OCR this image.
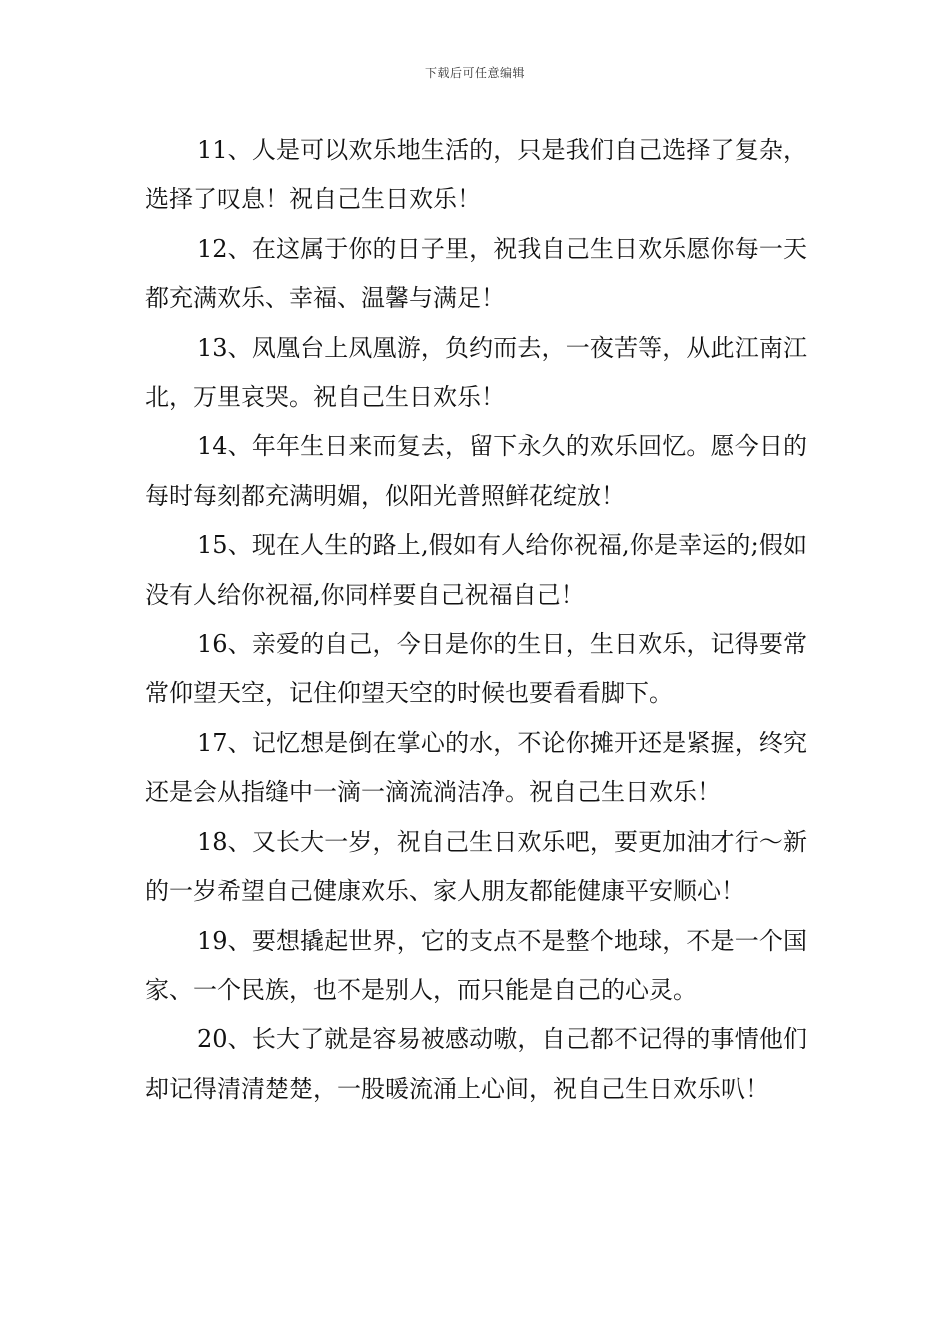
下载后可任意编辑

11、人是可以欢乐地生活的，只是我们自己选择了复杂，选择了叹息！祝自己生日欢乐！

12、在这属于你的日子里，祝我自己生日欢乐愿你每一天都充满欢乐、幸福、温馨与满足！

13、凤凰台上凤凰游，负约而去，一夜苦等，从此江南江北，万里哀哭。祝自己生日欢乐！

14、年年生日来而复去，留下永久的欢乐回忆。愿今日的每时每刻都充满明媚，似阳光普照鲜花绽放！

15、现在人生的路上,假如有人给你祝福,你是幸运的;假如没有人给你祝福,你同样要自己祝福自己！

16、亲爱的自己，今日是你的生日，生日欢乐，记得要常常仰望天空，记住仰望天空的时候也要看看脚下。

17、记忆想是倒在掌心的水，不论你摊开还是紧握，终究还是会从指缝中一滴一滴流淌洁净。祝自己生日欢乐！

18、又长大一岁，祝自己生日欢乐吧，要更加油才行～新的一岁希望自己健康欢乐、家人朋友都能健康平安顺心！

19、要想撬起世界，它的支点不是整个地球，不是一个国家、一个民族，也不是别人，而只能是自己的心灵。

20、长大了就是容易被感动嗷，自己都不记得的事情他们却记得清清楚楚，一股暖流涌上心间，祝自己生日欢乐叭！
